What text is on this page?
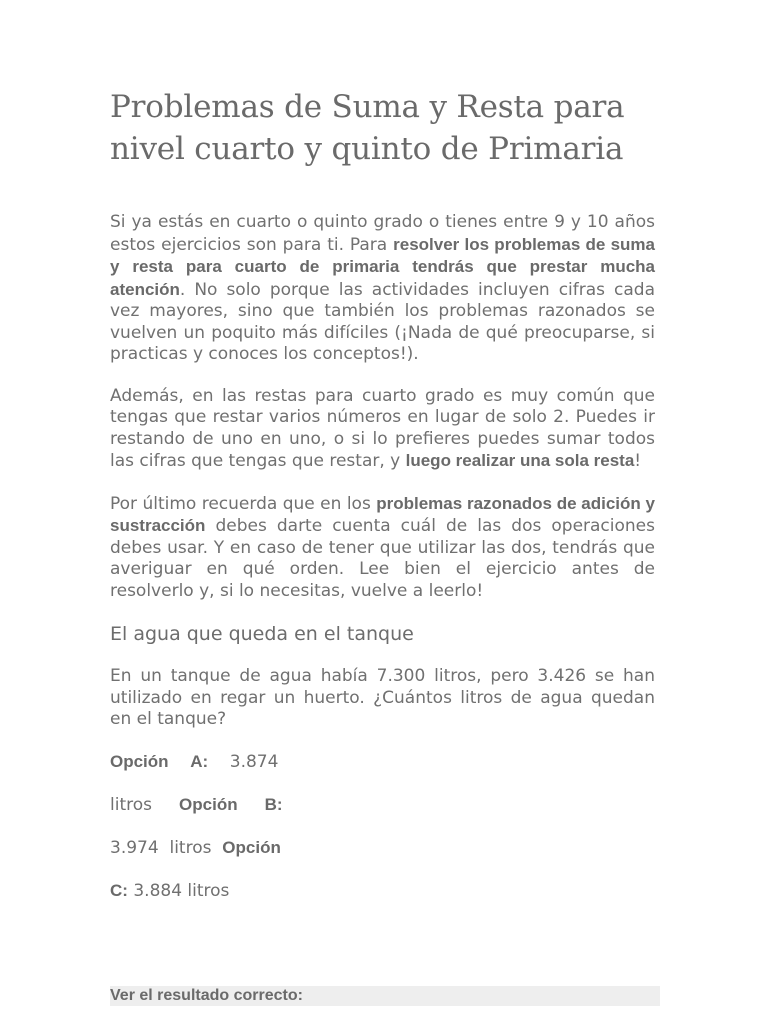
Problemas de Suma y Resta para nivel cuarto y quinto de Primaria

Si ya estás en cuarto o quinto grado o tienes entre 9 y 10 años estos ejercicios son para ti. Para resolver los problemas de suma y resta para cuarto de primaria tendrás que prestar mucha atención. No solo porque las actividades incluyen cifras cada vez mayores, sino que también los problemas razonados se vuelven un poquito más difíciles (¡Nada de qué preocuparse, si practicas y conoces los conceptos!).

Además, en las restas para cuarto grado es muy común que tengas que restar varios números en lugar de solo 2. Puedes ir restando de uno en uno, o si lo prefieres puedes sumar todos las cifras que tengas que restar, y luego realizar una sola resta!

Por último recuerda que en los problemas razonados de adición y sustracción debes darte cuenta cuál de las dos operaciones debes usar. Y en caso de tener que utilizar las dos, tendrás que averiguar en qué orden. Lee bien el ejercicio antes de resolverlo y, si lo necesitas, vuelve a leerlo!

El agua que queda en el tanque

En un tanque de agua había 7.300 litros, pero 3.426 se han utilizado en regar un huerto. ¿Cuántos litros de agua quedan en el tanque?

Opción A: 3.874

litros Opción B:

3.974 litros Opción

C: 3.884 litros

Ver el resultado correcto:
